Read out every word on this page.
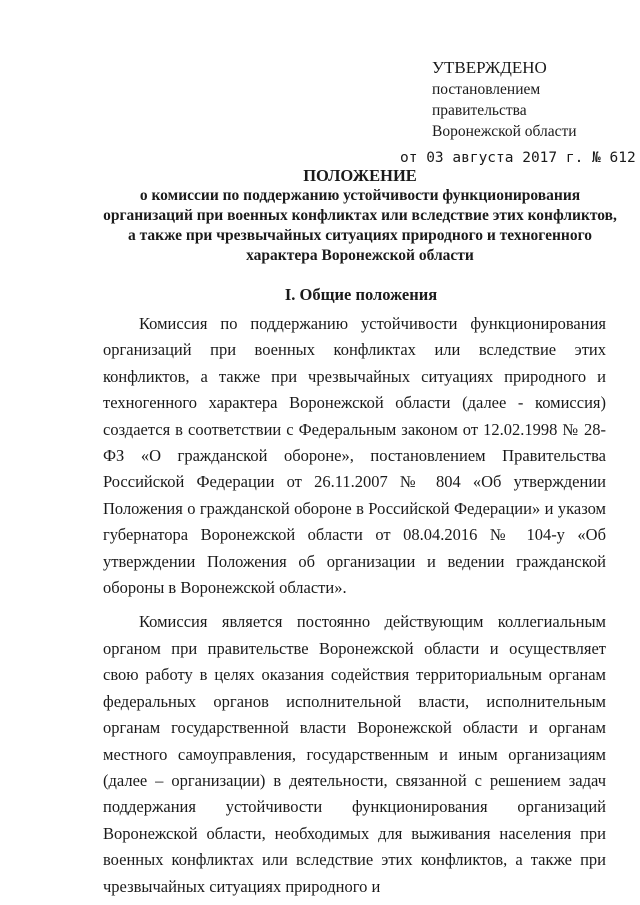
УТВЕРЖДЕНО
постановлением
правительства
Воронежской области
от 03 августа 2017 г. № 612
ПОЛОЖЕНИЕ
о комиссии по поддержанию устойчивости функционирования организаций при военных конфликтах или вследствие этих конфликтов, а также при чрезвычайных ситуациях природного и техногенного характера Воронежской области
I. Общие положения

Комиссия по поддержанию устойчивости функционирования организаций при военных конфликтах или вследствие этих конфликтов, а также при чрезвычайных ситуациях природного и техногенного характера Воронежской области (далее - комиссия) создается в соответствии с Федеральным законом от 12.02.1998 № 28-ФЗ «О гражданской обороне», постановлением Правительства Российской Федерации от 26.11.2007 № 804 «Об утверждении Положения о гражданской обороне в Российской Федерации» и указом губернатора Воронежской области от 08.04.2016 № 104-у «Об утверждении Положения об организации и ведении гражданской обороны в Воронежской области».

Комиссия является постоянно действующим коллегиальным органом при правительстве Воронежской области и осуществляет свою работу в целях оказания содействия территориальным органам федеральных органов исполнительной власти, исполнительным органам государственной власти Воронежской области и органам местного самоуправления, государственным и иным организациям (далее – организации) в деятельности, связанной с решением задач поддержания устойчивости функционирования организаций Воронежской области, необходимых для выживания населения при военных конфликтах или вследствие этих конфликтов, а также при чрезвычайных ситуациях природного и
